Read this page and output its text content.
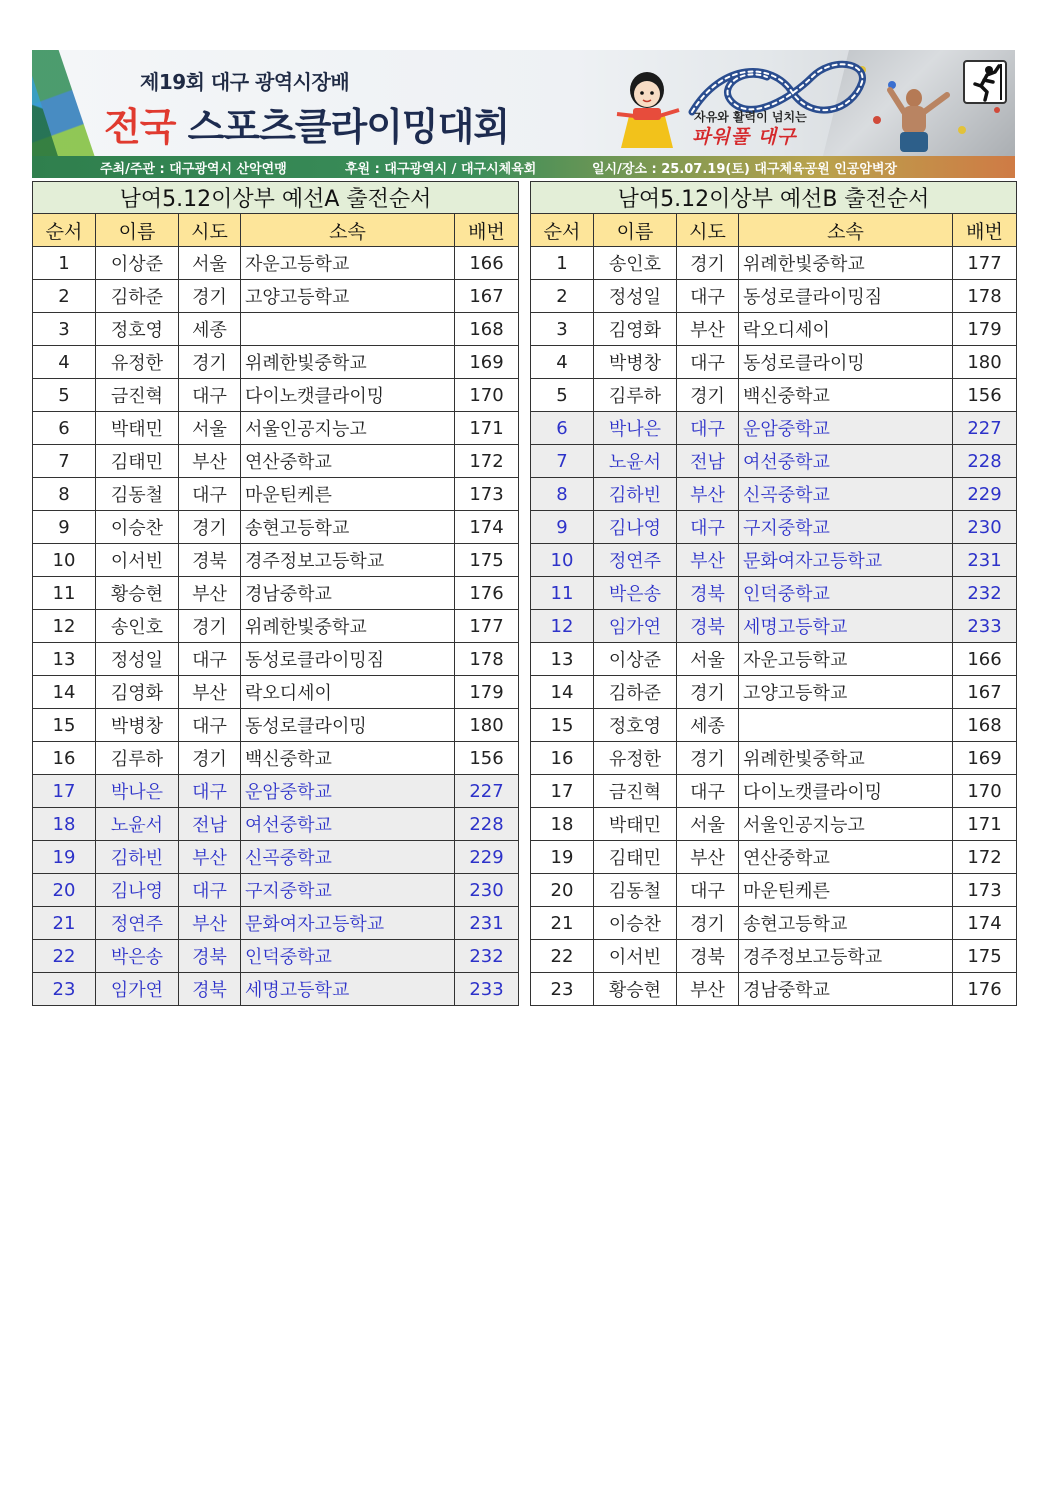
제19회 대구 광역시장배
전국 스포츠클라이밍대회	자유와 활력이 넘치는
파워풀 대구
주최/주관 : 대구광역시 산악연맹	후원 : 대구광역시 / 대구시체육회	일시/장소 : 25.07.19(토) 대구체육공원 인공암벽장
남여5.12이상부 예선A 출전순서				
순서	이름	시도	소속	배번
1	이상준	서울	자운고등학교	166
2	김하준	경기	고양고등학교	167
3	정호영	세종		168
4	유정한	경기	위례한빛중학교	169
5	금진혁	대구	다이노캣클라이밍	170
6	박태민	서울	서울인공지능고	171
7	김태민	부산	연산중학교	172
8	김동철	대구	마운틴케른	173
9	이승찬	경기	송현고등학교	174
10	이서빈	경북	경주정보고등학교	175
11	황승현	부산	경남중학교	176
12	송인호	경기	위례한빛중학교	177
13	정성일	대구	동성로클라이밍짐	178
14	김영화	부산	락오디세이	179
15	박병창	대구	동성로클라이밍	180
16	김루하	경기	백신중학교	156
17	박나은	대구	운암중학교	227
18	노윤서	전남	여선중학교	228
19	김하빈	부산	신곡중학교	229
20	김나영	대구	구지중학교	230
21	정연주	부산	문화여자고등학교	231
22	박은송	경북	인덕중학교	232
23	임가연	경북	세명고등학교	233
남여5.12이상부 예선B 출전순서				
순서	이름	시도	소속	배번
1	송인호	경기	위례한빛중학교	177
2	정성일	대구	동성로클라이밍짐	178
3	김영화	부산	락오디세이	179
4	박병창	대구	동성로클라이밍	180
5	김루하	경기	백신중학교	156
6	박나은	대구	운암중학교	227
7	노윤서	전남	여선중학교	228
8	김하빈	부산	신곡중학교	229
9	김나영	대구	구지중학교	230
10	정연주	부산	문화여자고등학교	231
11	박은송	경북	인덕중학교	232
12	임가연	경북	세명고등학교	233
13	이상준	서울	자운고등학교	166
14	김하준	경기	고양고등학교	167
15	정호영	세종		168
16	유정한	경기	위례한빛중학교	169
17	금진혁	대구	다이노캣클라이밍	170
18	박태민	서울	서울인공지능고	171
19	김태민	부산	연산중학교	172
20	김동철	대구	마운틴케른	173
21	이승찬	경기	송현고등학교	174
22	이서빈	경북	경주정보고등학교	175
23	황승현	부산	경남중학교	176
